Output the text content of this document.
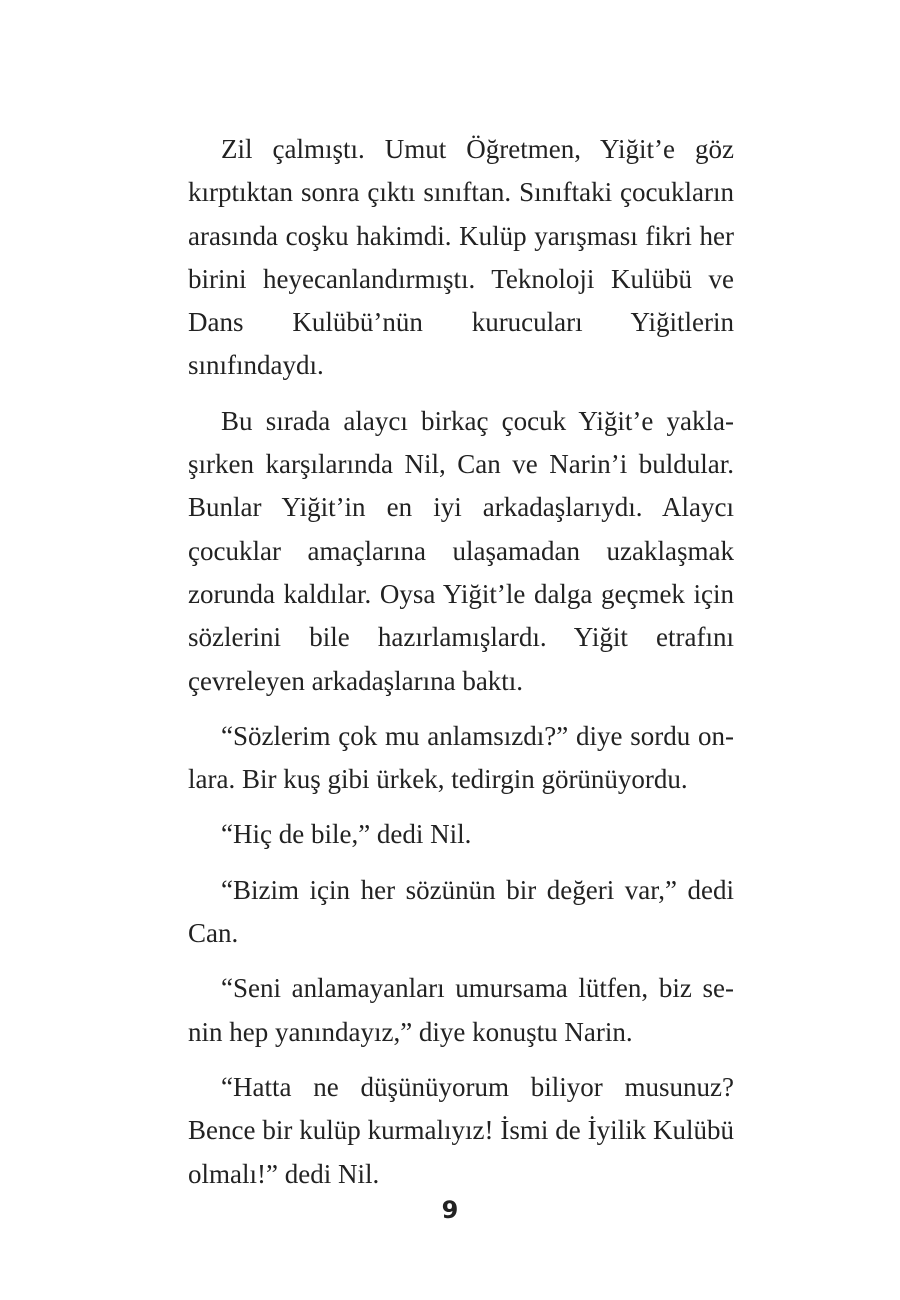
Zil çalmıştı. Umut Öğretmen, Yiğit’e göz kırptıktan sonra çıktı sınıftan. Sınıftaki çocukların arasında coşku hakimdi. Kulüp yarışması fikri her birini heyecanlandırmıştı. Teknoloji Kulübü ve Dans Kulübü’nün kurucuları Yiğitlerin sınıfındaydı.

Bu sırada alaycı birkaç çocuk Yiğit’e yaklaşırken karşılarında Nil, Can ve Narin’i buldular. Bunlar Yiğit’in en iyi arkadaşlarıydı. Alaycı çocuklar amaçlarına ulaşamadan uzaklaşmak zorunda kaldılar. Oysa Yiğit’le dalga geçmek için sözlerini bile hazırlamışlardı. Yiğit etrafını çevreleyen arkadaşlarına baktı.

“Sözlerim çok mu anlamsızdı?” diye sordu onlara. Bir kuş gibi ürkek, tedirgin görünüyordu.

“Hiç de bile,” dedi Nil.

“Bizim için her sözünün bir değeri var,” dedi Can.

“Seni anlamayanları umursama lütfen, biz senin hep yanındayız,” diye konuştu Narin.

“Hatta ne düşünüyorum biliyor musunuz? Bence bir kulüp kurmalıyız! İsmi de İyilik Kulübü olmalı!” dedi Nil.

9
